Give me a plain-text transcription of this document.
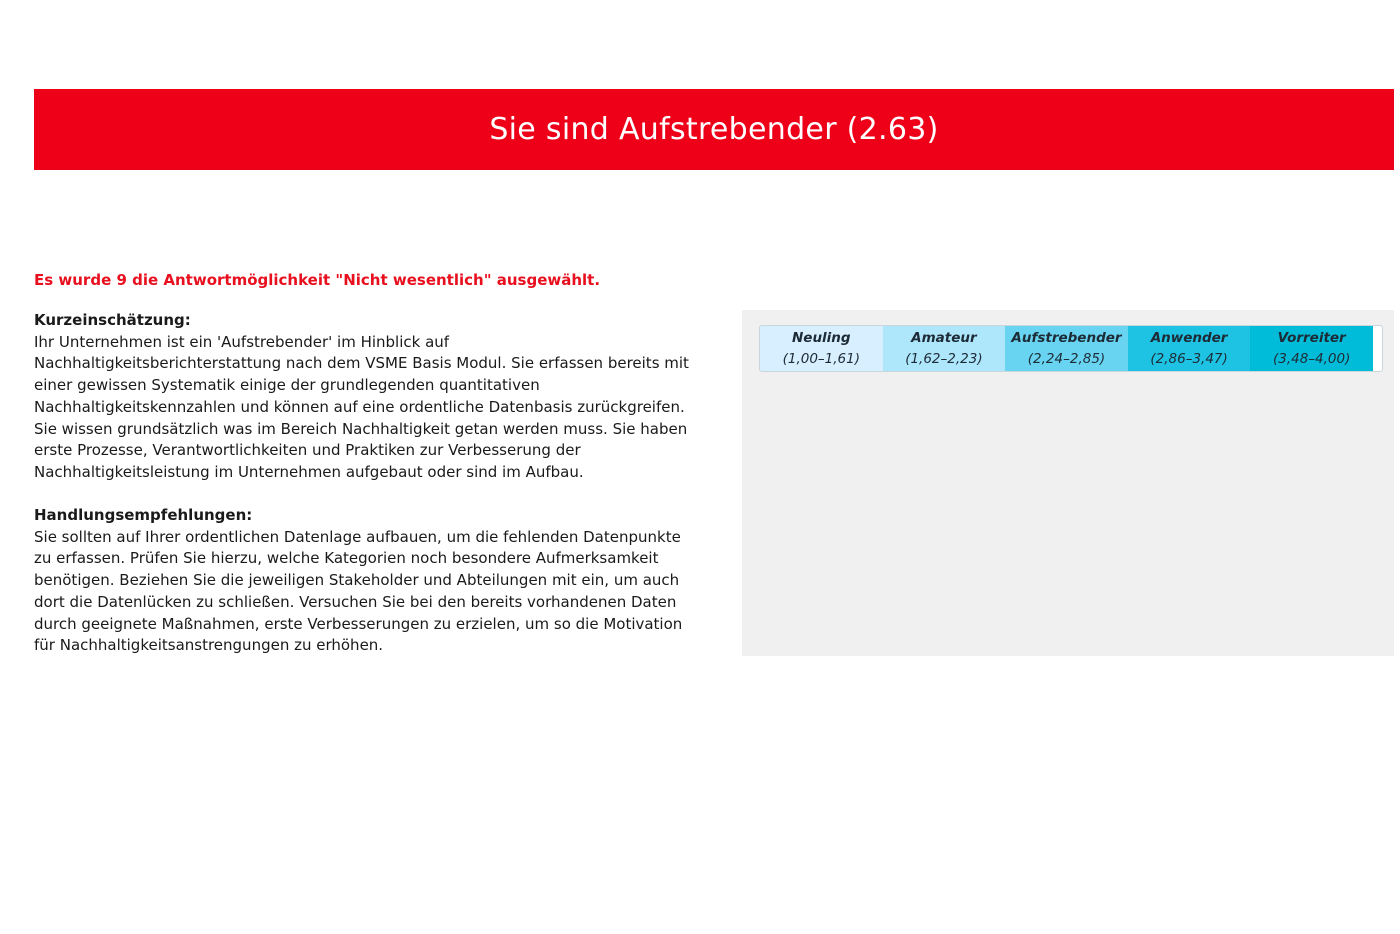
Sie sind Aufstrebender (2.63)
Es wurde 9 die Antwortmöglichkeit "Nicht wesentlich" ausgewählt.
Kurzeinschätzung:
Ihr Unternehmen ist ein 'Aufstrebender' im Hinblick auf Nachhaltigkeitsberichterstattung nach dem VSME Basis Modul. Sie erfassen bereits mit einer gewissen Systematik einige der grundlegenden quantitativen Nachhaltigkeitskennzahlen und können auf eine ordentliche Datenbasis zurückgreifen. Sie wissen grundsätzlich was im Bereich Nachhaltigkeit getan werden muss. Sie haben erste Prozesse, Verantwortlichkeiten und Praktiken zur Verbesserung der Nachhaltigkeitsleistung im Unternehmen aufgebaut oder sind im Aufbau.
Handlungsempfehlungen:
Sie sollten auf Ihrer ordentlichen Datenlage aufbauen, um die fehlenden Datenpunkte zu erfassen. Prüfen Sie hierzu, welche Kategorien noch besondere Aufmerksamkeit benötigen. Beziehen Sie die jeweiligen Stakeholder und Abteilungen mit ein, um auch dort die Datenlücken zu schließen. Versuchen Sie bei den bereits vorhandenen Daten durch geeignete Maßnahmen, erste Verbesserungen zu erzielen, um so die Motivation für Nachhaltigkeitsanstrengungen zu erhöhen.
Neuling
(1,00–1,61)
Amateur
(1,62–2,23)
Aufstrebender
(2,24–2,85)
Anwender
(2,86–3,47)
Vorreiter
(3,48–4,00)
